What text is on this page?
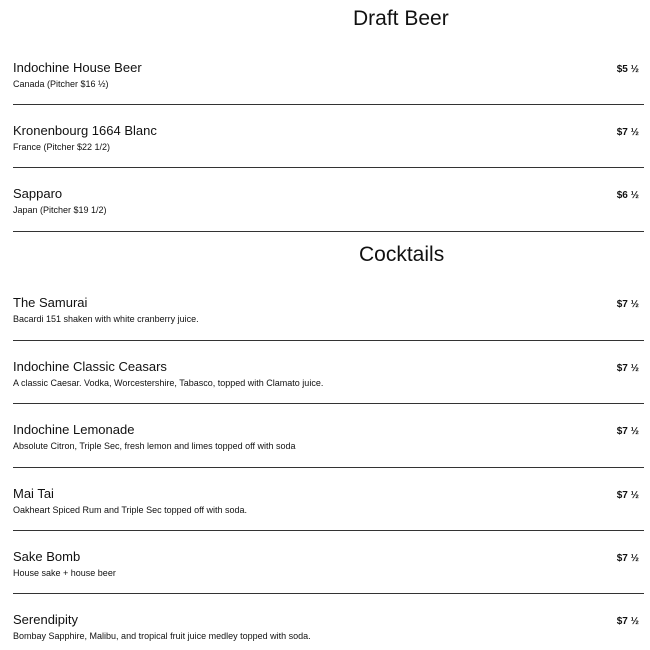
Draft Beer
Indochine House Beer
Canada (Pitcher $16 ½)
$5 ½
Kronenbourg 1664 Blanc
France (Pitcher $22 1/2)
$7 ½
Sapparo
Japan (Pitcher $19 1/2)
$6 ½
Cocktails
The Samurai
Bacardi 151 shaken with white cranberry juice.
$7 ½
Indochine Classic Ceasars
A classic Caesar. Vodka, Worcestershire, Tabasco, topped with Clamato juice.
$7 ½
Indochine Lemonade
Absolute Citron, Triple Sec, fresh lemon and limes topped off with soda
$7 ½
Mai Tai
Oakheart Spiced Rum and Triple Sec topped off with soda.
$7 ½
Sake Bomb
House sake + house beer
$7 ½
Serendipity
Bombay Sapphire, Malibu, and tropical fruit juice medley topped with soda.
$7 ½
